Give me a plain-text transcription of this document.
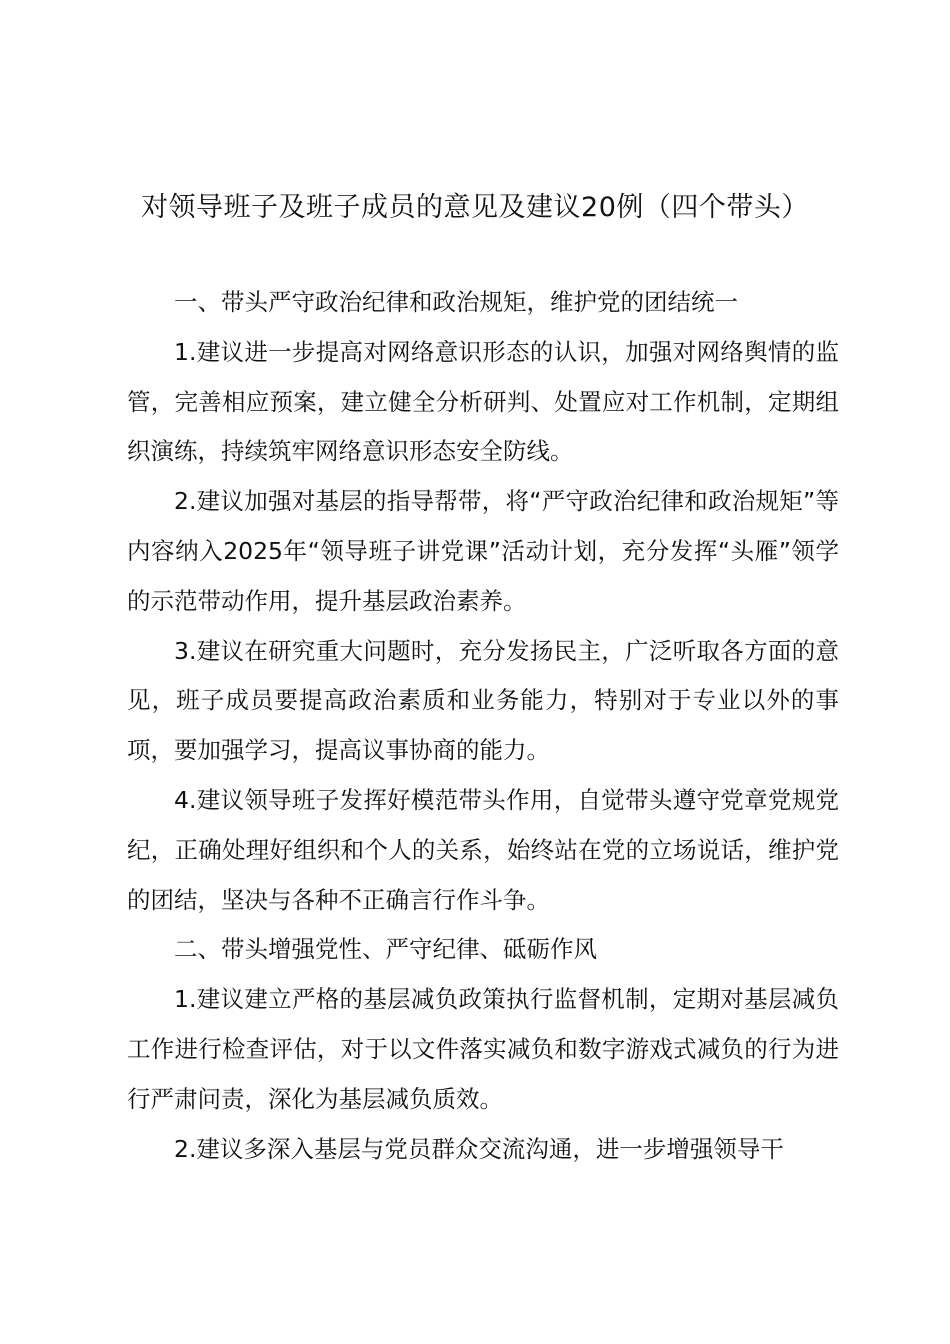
对领导班子及班子成员的意见及建议20例（四个带头）

一、带头严守政治纪律和政治规矩，维护党的团结统一

1.建议进一步提高对网络意识形态的认识，加强对网络舆情的监管，完善相应预案，建立健全分析研判、处置应对工作机制，定期组织演练，持续筑牢网络意识形态安全防线。

2.建议加强对基层的指导帮带，将“严守政治纪律和政治规矩”等内容纳入2025年“领导班子讲党课”活动计划，充分发挥“头雁”领学的示范带动作用，提升基层政治素养。

3.建议在研究重大问题时，充分发扬民主，广泛听取各方面的意见，班子成员要提高政治素质和业务能力，特别对于专业以外的事项，要加强学习，提高议事协商的能力。

4.建议领导班子发挥好模范带头作用，自觉带头遵守党章党规党纪，正确处理好组织和个人的关系，始终站在党的立场说话，维护党的团结，坚决与各种不正确言行作斗争。

二、带头增强党性、严守纪律、砥砺作风

1.建议建立严格的基层减负政策执行监督机制，定期对基层减负工作进行检查评估，对于以文件落实减负和数字游戏式减负的行为进行严肃问责，深化为基层减负质效。

2.建议多深入基层与党员群众交流沟通，进一步增强领导干
